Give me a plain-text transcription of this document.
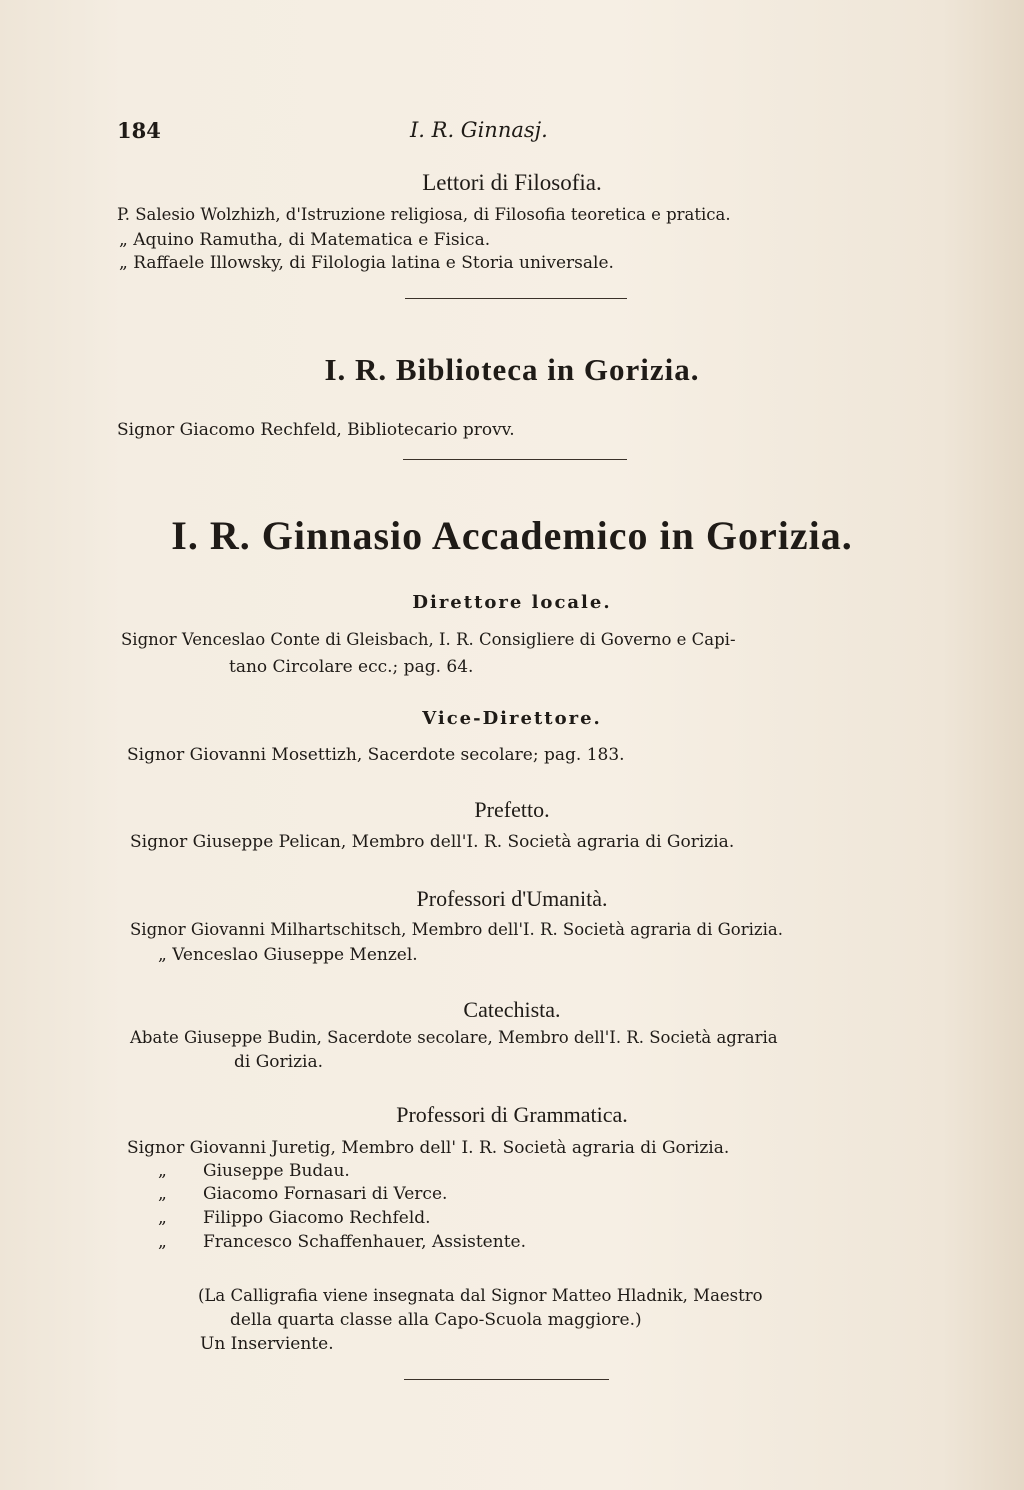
184	I. R. Ginnasj.
Lettori di Filosofia.
P. Salesio Wolzhizh, d'Istruzione religiosa, di Filosofia teoretica e pratica.
„ Aquino Ramutha, di Matematica e Fisica.
„ Raffaele Illowsky, di Filologia latina e Storia universale.
I. R. Biblioteca in Gorizia.
Signor Giacomo Rechfeld, Bibliotecario provv.
I. R. Ginnasio Accademico in Gorizia.
Direttore locale.
Signor Venceslao Conte di Gleisbach, I. R. Consigliere di Governo e Capi-
tano Circolare ecc.; pag. 64.
Vice-Direttore.
Signor Giovanni Mosettizh, Sacerdote secolare; pag. 183.
Prefetto.
Signor Giuseppe Pelican, Membro dell'I. R. Società agraria di Gorizia.
Professori d'Umanità.
Signor Giovanni Milhartschitsch, Membro dell'I. R. Società agraria di Gorizia.
„ Venceslao Giuseppe Menzel.
Catechista.
Abate Giuseppe Budin, Sacerdote secolare, Membro dell'I. R. Società agraria
di Gorizia.
Professori di Grammatica.
Signor Giovanni Juretig, Membro dell' I. R. Società agraria di Gorizia.
„ Giuseppe Budau.
„ Giacomo Fornasari di Verce.
„ Filippo Giacomo Rechfeld.
„ Francesco Schaffenhauer, Assistente.
(La Calligrafia viene insegnata dal Signor Matteo Hladnik, Maestro
della quarta classe alla Capo-Scuola maggiore.)
Un Inserviente.
